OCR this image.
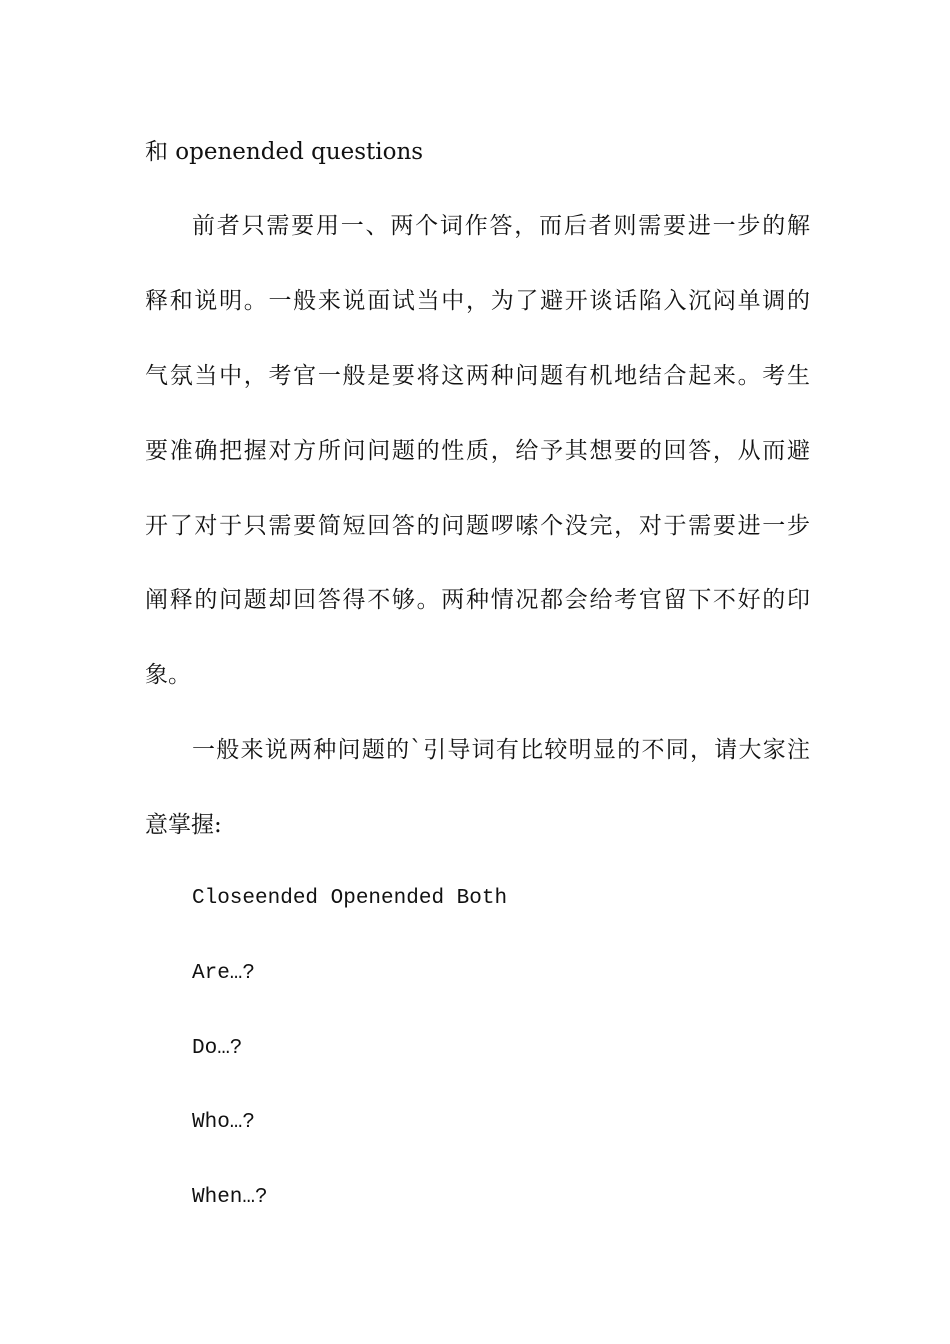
和 openended questions

前者只需要用一、两个词作答，而后者则需要进一步的解

释和说明。一般来说面试当中，为了避开谈话陷入沉闷单调的

气氛当中，考官一般是要将这两种问题有机地结合起来。考生

要准确把握对方所问问题的性质，给予其想要的回答，从而避

开了对于只需要简短回答的问题啰嗦个没完，对于需要进一步

阐释的问题却回答得不够。两种情况都会给考官留下不好的印

象。

一般来说两种问题的`引导词有比较明显的不同，请大家注

意掌握:

Closeended Openended Both

Are…?

Do…?

Who…?

When…?
